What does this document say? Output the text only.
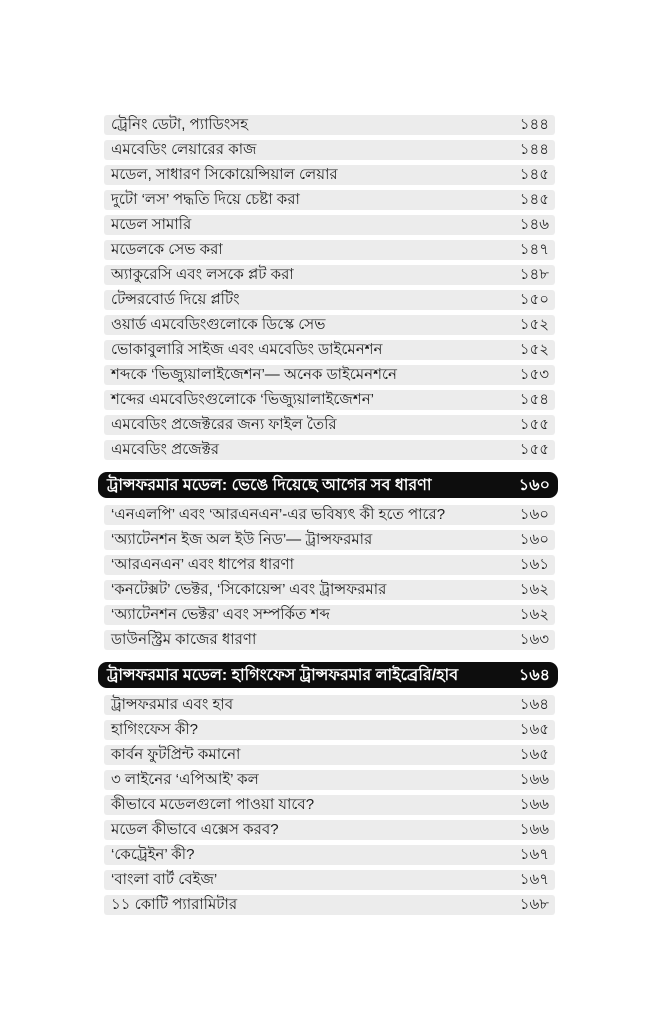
ট্রেনিং ডেটা, প্যাডিংসহ	১৪৪
এমবেডিং লেয়ারের কাজ	১৪৪
মডেল, সাধারণ সিকোয়েন্সিয়াল লেয়ার	১৪৫
দুটো ‘লস’ পদ্ধতি দিয়ে চেষ্টা করা	১৪৫
মডেল সামারি	১৪৬
মডেলকে সেভ করা	১৪৭
অ্যাকুরেসি এবং লসকে প্লট করা	১৪৮
টেন্সরবোর্ড দিয়ে প্লটিং	১৫০
ওয়ার্ড এমবেডিংগুলোকে ডিস্কে সেভ	১৫২
ভোকাবুলারি সাইজ এবং এমবেডিং ডাইমেনশন	১৫২
শব্দকে ‘ভিজ্যুয়ালাইজেশন’— অনেক ডাইমেনশনে	১৫৩
শব্দের এমবেডিংগুলোকে ‘ভিজ্যুয়ালাইজেশন’	১৫৪
এমবেডিং প্রজেক্টরের জন্য ফাইল তৈরি	১৫৫
এমবেডিং প্রজেক্টর	১৫৫
ট্রান্সফরমার মডেল: ভেঙে দিয়েছে আগের সব ধারণা	১৬০
‘এনএলপি’ এবং ‘আরএনএন’-এর ভবিষ্যৎ কী হতে পারে?	১৬০
‘অ্যাটেনশন ইজ অল ইউ নিড’— ট্রান্সফরমার	১৬০
‘আরএনএন’ এবং ধাপের ধারণা	১৬১
‘কনটেক্সট’ ভেক্টর, ‘সিকোয়েন্স’ এবং ট্রান্সফরমার	১৬২
‘অ্যাটেনশন ভেক্টর’ এবং সম্পর্কিত শব্দ	১৬২
ডাউনস্ট্রিম কাজের ধারণা	১৬৩
ট্রান্সফরমার মডেল: হাগিংফেস ট্রান্সফরমার লাইব্রেরি/হাব	১৬৪
ট্রান্সফরমার এবং হাব	১৬৪
হাগিংফেস কী?	১৬৫
কার্বন ফুটপ্রিন্ট কমানো	১৬৫
৩ লাইনের ‘এপিআই’ কল	১৬৬
কীভাবে মডেলগুলো পাওয়া যাবে?	১৬৬
মডেল কীভাবে এক্সেস করব?	১৬৬
‘কেট্রেইন’ কী?	১৬৭
‘বাংলা বার্ট বেইজ’	১৬৭
১১ কোটি প্যারামিটার	১৬৮
